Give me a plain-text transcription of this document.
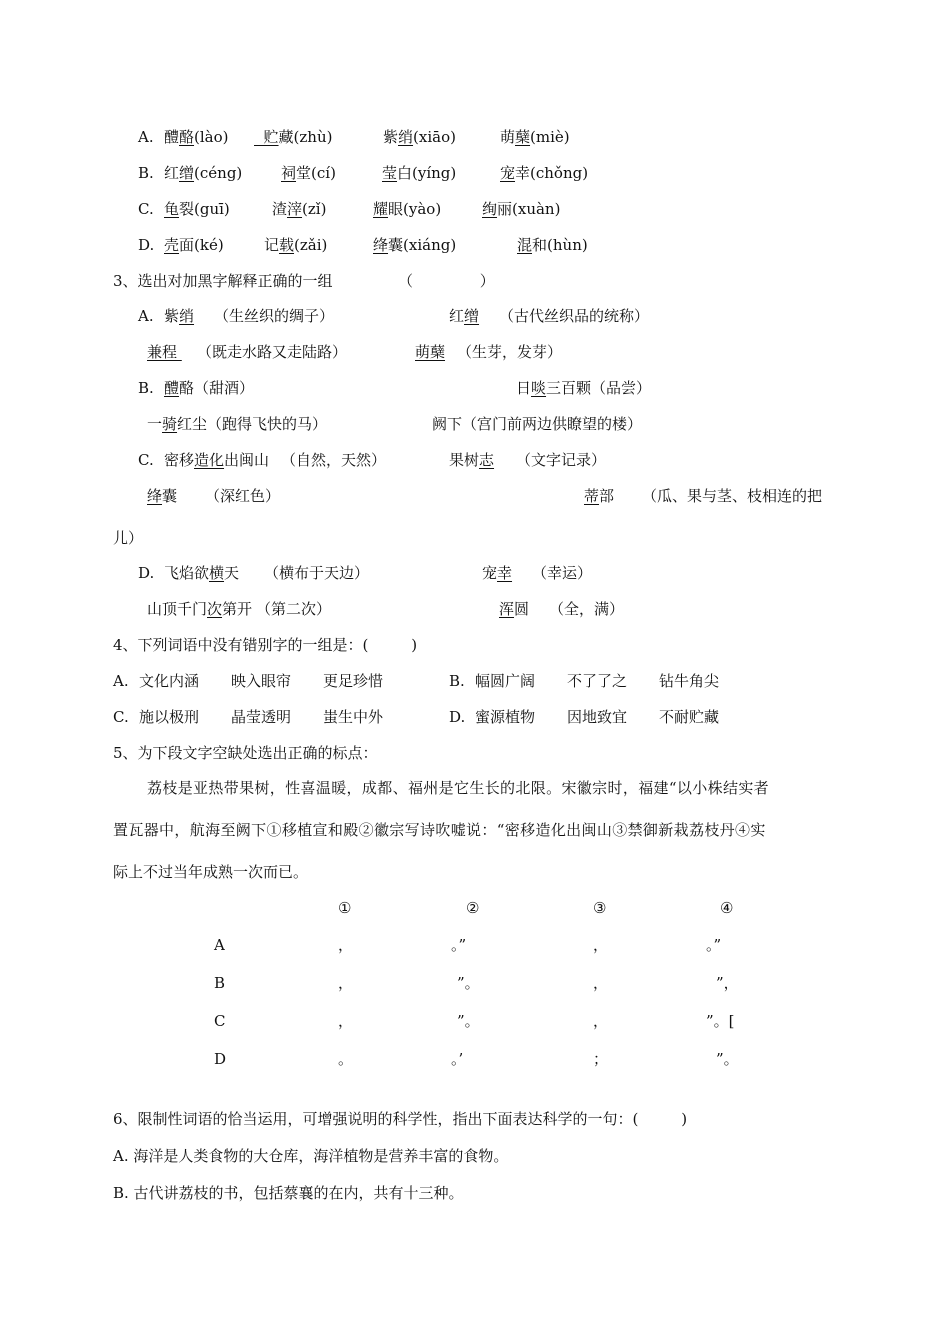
A. 醴酪(lào) 贮藏(zhù)	紫绡(xiāo)	萌蘖(miè)
B. 红缯(céng)	祠堂(cí)	莹白(yíng)	宠幸(chǒng)
C. 龟裂(guī)	渣滓(zǐ)	耀眼(yào)	绚丽(xuàn)
D. 壳面(ké)	记载(zǎi)	绛囊(xiáng)	混和(hùn)
3、选出对加黑字解释正确的一组	（              ）
A. 紫绡 （生丝织的绸子）	红缯 （古代丝织品的统称）
兼程 （既走水路又走陆路）	萌蘖 （生芽，发芽）
B. 醴酪（甜酒）	日啖三百颗（品尝）
一骑红尘（跑得飞快的马）	阙下（宫门前两边供瞭望的楼）
C. 密移造化出闽山 （自然，天然）	果树志 （文字记录）
绛囊 （深红色）	蒂部 （瓜、果与茎、枝相连的把
儿）
D. 飞焰欲横天 （横布于天边）	宠幸 （幸运）
山顶千门次第开 （第二次）	浑圆 （全，满）
4、下列词语中没有错别字的一组是：(         )
A. 文化内涵 映入眼帘 更足珍惜	B. 幅圆广阔 不了了之 钻牛角尖
C. 施以极刑 晶莹透明 蚩生中外	D. 蜜源植物 因地致宜 不耐贮藏
5、为下段文字空缺处选出正确的标点：
荔枝是亚热带果树，性喜温暖，成都、福州是它生长的北限。宋徽宗时，福建“以小株结实者
置瓦器中，航海至阙下①移植宣和殿②徽宗写诗吹嘘说：“密移造化出闽山③禁御新栽荔枝丹④实
际上不过当年成熟一次而已。
①	②	③	④
A	，	。”	，	。”
B	，	”。	，	”，
C	，	”。	，	”。[
D	。	。’	；	”。
6、限制性词语的恰当运用，可增强说明的科学性，指出下面表达科学的一句：(         )
A. 海洋是人类食物的大仓库，海洋植物是营养丰富的食物。
B. 古代讲荔枝的书，包括蔡襄的在内，共有十三种。
